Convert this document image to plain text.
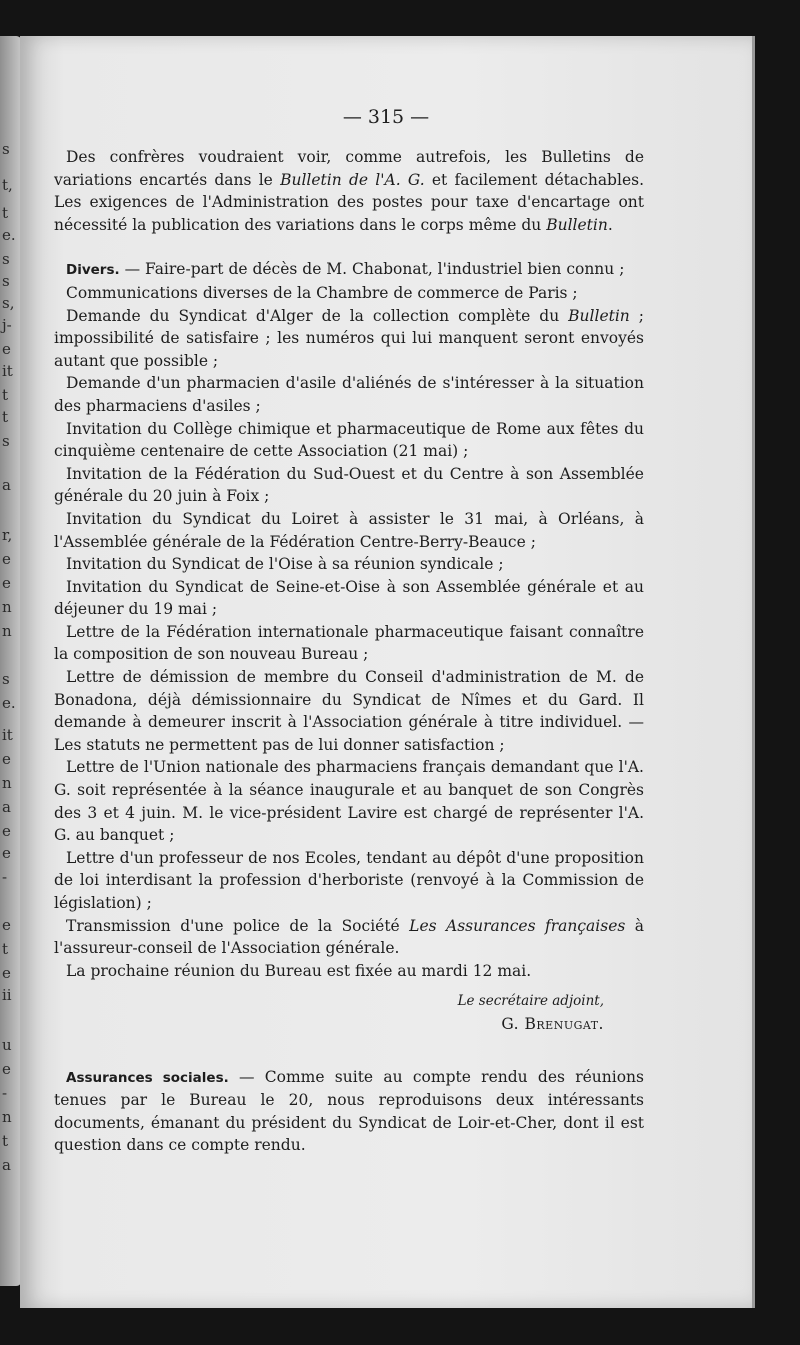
s
t,
t
e.
s
s
s,
j-
e
it
t
t
s
a
r,
e
e
n
n
s
e.
it
e
n
a
e
e
-
e
t
e
ii
u
e
-
n
t
a

— 315 —

Des confrères voudraient voir, comme autrefois, les Bulletins de variations encartés dans le Bulletin de l'A. G. et facilement détachables. Les exigences de l'Administration des postes pour taxe d'encartage ont nécessité la publication des variations dans le corps même du Bulletin.

Divers. — Faire-part de décès de M. Chabonat, l'industriel bien connu ;

Communications diverses de la Chambre de commerce de Paris ;

Demande du Syndicat d'Alger de la collection complète du Bulletin ; impossibilité de satisfaire ; les numéros qui lui manquent seront envoyés autant que possible ;

Demande d'un pharmacien d'asile d'aliénés de s'intéresser à la situation des pharmaciens d'asiles ;

Invitation du Collège chimique et pharmaceutique de Rome aux fêtes du cinquième centenaire de cette Association (21 mai) ;

Invitation de la Fédération du Sud-Ouest et du Centre à son Assemblée générale du 20 juin à Foix ;

Invitation du Syndicat du Loiret à assister le 31 mai, à Orléans, à l'Assemblée générale de la Fédération Centre-Berry-Beauce ;

Invitation du Syndicat de l'Oise à sa réunion syndicale ;

Invitation du Syndicat de Seine-et-Oise à son Assemblée générale et au déjeuner du 19 mai ;

Lettre de la Fédération internationale pharmaceutique faisant connaître la composition de son nouveau Bureau ;

Lettre de démission de membre du Conseil d'administration de M. de Bonadona, déjà démissionnaire du Syndicat de Nîmes et du Gard. Il demande à demeurer inscrit à l'Association générale à titre individuel. — Les statuts ne permettent pas de lui donner satisfaction ;

Lettre de l'Union nationale des pharmaciens français demandant que l'A. G. soit représentée à la séance inaugurale et au banquet de son Congrès des 3 et 4 juin. M. le vice-président Lavire est chargé de représenter l'A. G. au banquet ;

Lettre d'un professeur de nos Ecoles, tendant au dépôt d'une proposition de loi interdisant la profession d'herboriste (renvoyé à la Commission de législation) ;

Transmission d'une police de la Société Les Assurances françaises à l'assureur-conseil de l'Association générale.

La prochaine réunion du Bureau est fixée au mardi 12 mai.

Le secrétaire adjoint,
G. Brenugat.

Assurances sociales. — Comme suite au compte rendu des réunions tenues par le Bureau le 20, nous reproduisons deux intéressants documents, émanant du président du Syndicat de Loir-et-Cher, dont il est question dans ce compte rendu.
